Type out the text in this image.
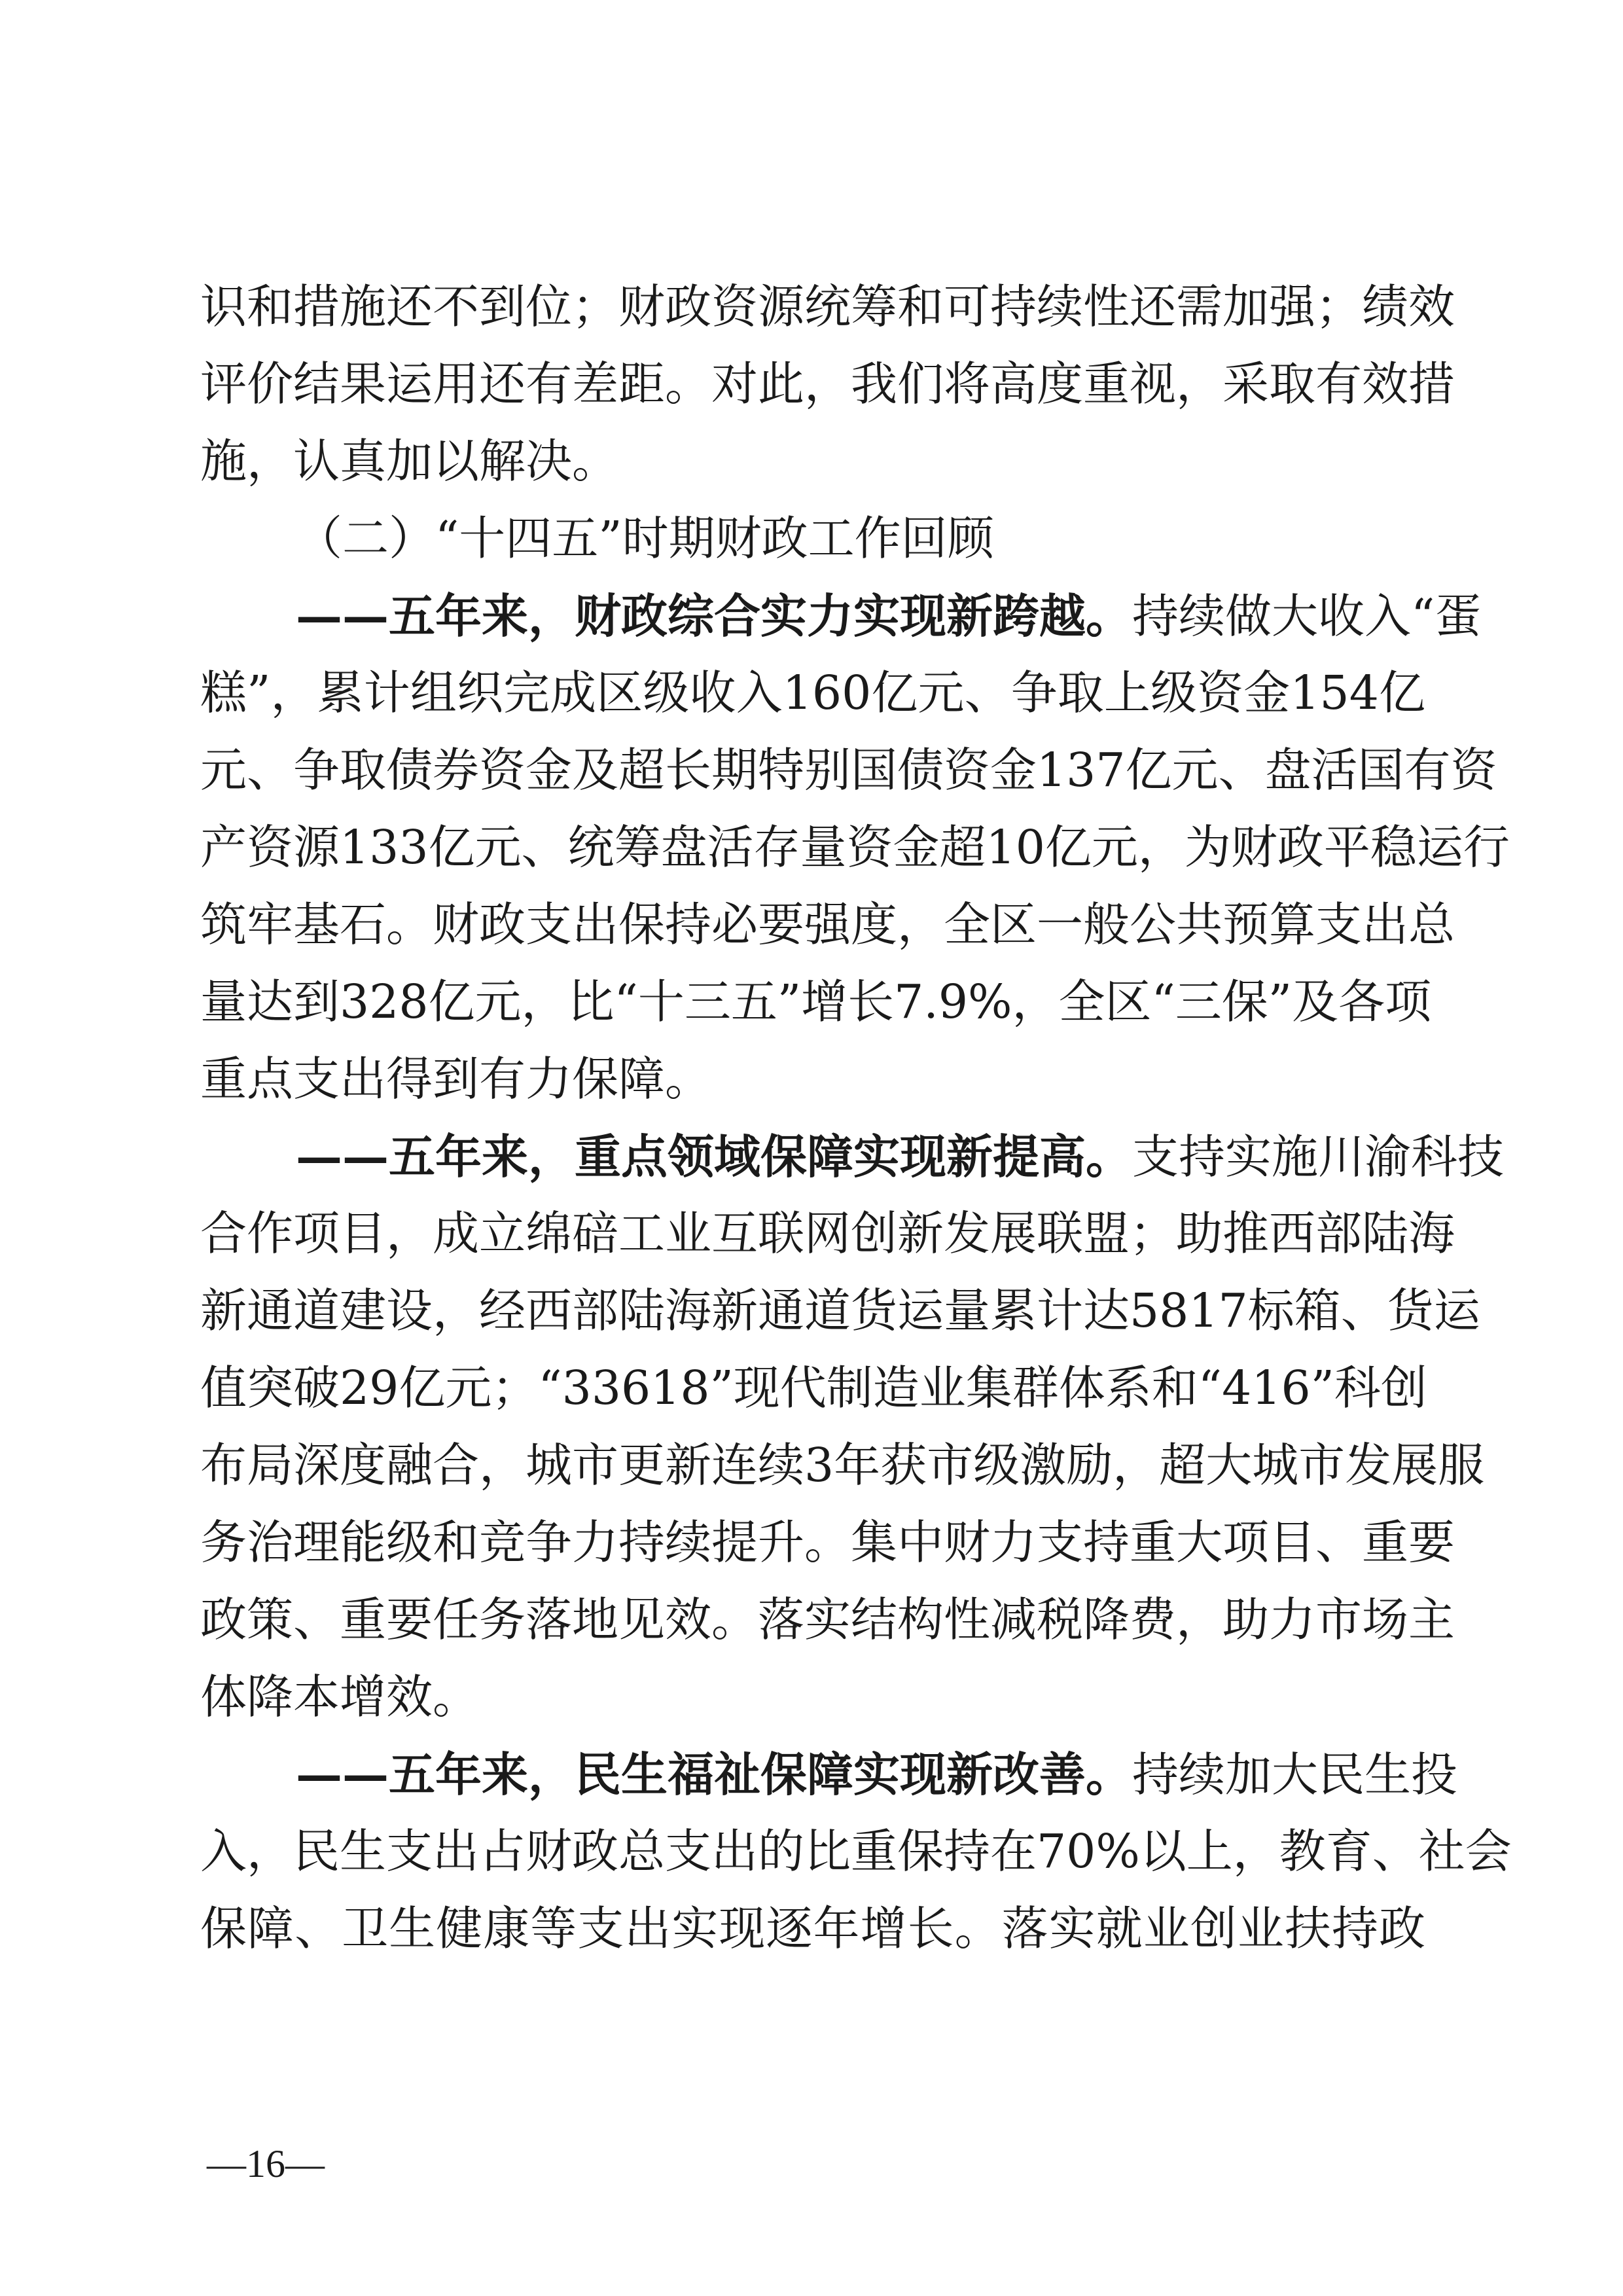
识和措施还不到位；财政资源统筹和可持续性还需加强；绩效
评价结果运用还有差距。对此，我们将高度重视，采取有效措
施，认真加以解决。
（二）“十四五”时期财政工作回顾
——五年来，财政综合实力实现新跨越。持续做大收入“蛋
糕”，累计组织完成区级收入160亿元、争取上级资金154亿
元、争取债券资金及超长期特别国债资金137亿元、盘活国有资
产资源133亿元、统筹盘活存量资金超10亿元，为财政平稳运行
筑牢基石。财政支出保持必要强度，全区一般公共预算支出总
量达到328亿元，比“十三五”增长7.9%，全区“三保”及各项
重点支出得到有力保障。
——五年来，重点领域保障实现新提高。支持实施川渝科技
合作项目，成立绵碚工业互联网创新发展联盟；助推西部陆海
新通道建设，经西部陆海新通道货运量累计达5817标箱、货运
值突破29亿元；“33618”现代制造业集群体系和“416”科创
布局深度融合，城市更新连续3年获市级激励，超大城市发展服
务治理能级和竞争力持续提升。集中财力支持重大项目、重要
政策、重要任务落地见效。落实结构性减税降费，助力市场主
体降本增效。
——五年来，民生福祉保障实现新改善。持续加大民生投
入，民生支出占财政总支出的比重保持在70%以上，教育、社会
保障、卫生健康等支出实现逐年增长。落实就业创业扶持政
—16—
